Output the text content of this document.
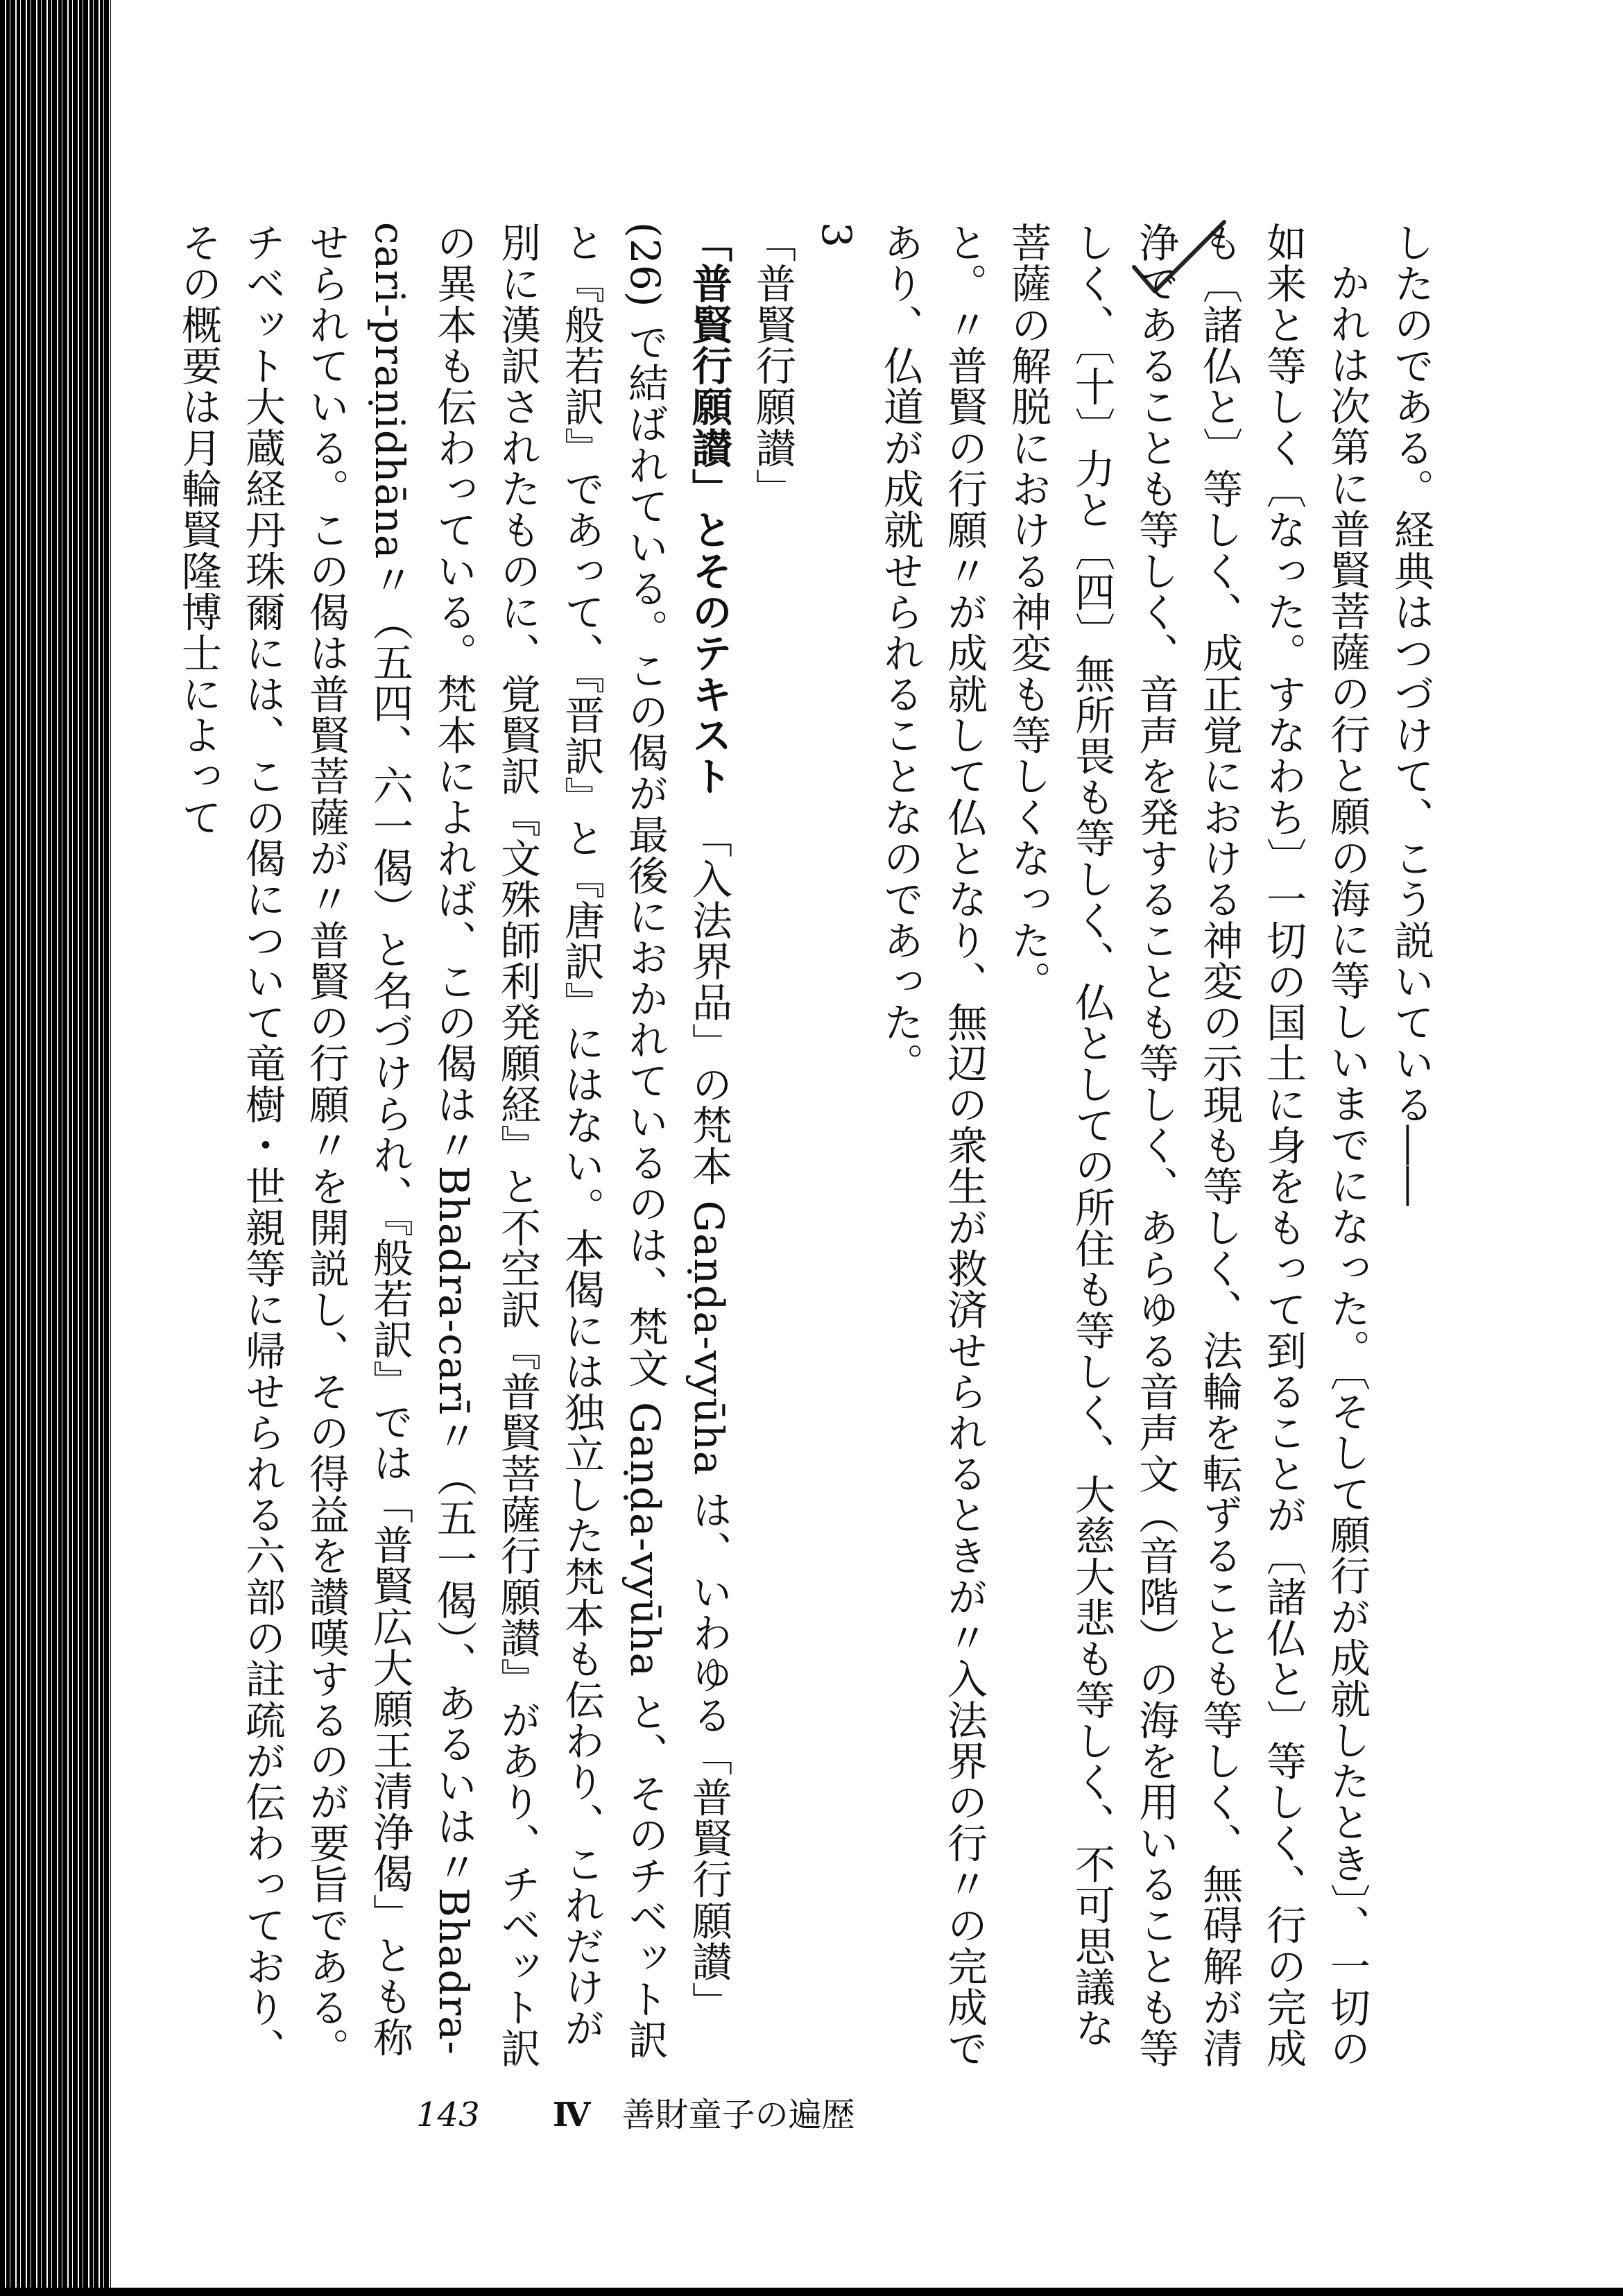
したのである。経典はつづけて、こう説いている――

かれは次第に普賢菩薩の行と願の海に等しいまでになった。〔そして願行が成就したとき〕、一切の如来と等しく〔なった。すなわち〕一切の国土に身をもって到ることが〔諸仏と〕等しく、行の完成も〔諸仏と〕等しく、成正覚における神変の示現も等しく、法輪を転ずることも等しく、無碍解が清浄であることも等しく、音声を発することも等しく、あらゆる音声文（音階）の海を用いることも等しく、〔十〕力と〔四〕無所畏も等しく、仏としての所住も等しく、大慈大悲も等しく、不可思議な菩薩の解脱における神変も等しくなった。

と。〃普賢の行願〃が成就して仏となり、無辺の衆生が救済せられるときが〃入法界の行〃の完成であり、仏道が成就せられることなのであった。

3

「普賢行願讃」

「普賢行願讃」とそのテキスト　「入法界品」の梵本 Gaṇḍa-vyūha は、いわゆる「普賢行願讃」(26) で結ばれている。この偈が最後におかれているのは、梵文 Gaṇḍa-vyūha と、そのチベット訳と『般若訳』であって、『晋訳』と『唐訳』にはない。本偈には独立した梵本も伝わり、これだけが別に漢訳されたものに、覚賢訳『文殊師利発願経』と不空訳『普賢菩薩行願讃』があり、チベット訳の異本も伝わっている。梵本によれば、この偈は〃Bhadra-carī〃（五一偈）、あるいは〃Bhadra-cari-praṇidhāna〃（五四、六一偈）と名づけられ、『般若訳』では「普賢広大願王清浄偈」とも称せられている。この偈は普賢菩薩が〃普賢の行願〃を開説し、その得益を讃嘆するのが要旨である。チベット大蔵経丹珠爾には、この偈について竜樹・世親等に帰せられる六部の註疏が伝わっており、その概要は月輪賢隆博士によって

143 Ⅳ 善財童子の遍歴
